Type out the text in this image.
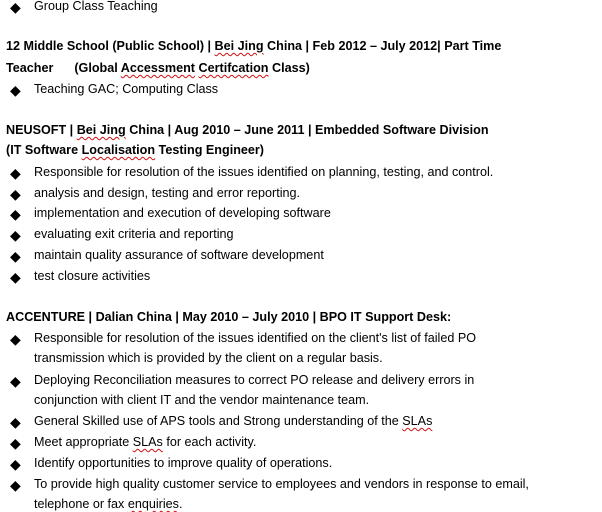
◆ Group Class Teaching
12 Middle School (Public School) | Bei Jing China | Feb 2012 – July 2012| Part Time
Teacher      (Global Accessment Certifcation Class)
◆ Teaching GAC; Computing Class
NEUSOFT | Bei Jing China | Aug 2010 – June 2011 | Embedded Software Division
(IT Software Localisation Testing Engineer)
◆ Responsible for resolution of the issues identified on planning, testing, and control.
◆ analysis and design, testing and error reporting.
◆ implementation and execution of developing software
◆ evaluating exit criteria and reporting
◆ maintain quality assurance of software development
◆ test closure activities
ACCENTURE | Dalian China | May 2010 – July 2010 | BPO IT Support Desk:
◆ Responsible for resolution of the issues identified on the client's list of failed PO
transmission which is provided by the client on a regular basis.
◆ Deploying Reconciliation measures to correct PO release and delivery errors in
conjunction with client IT and the vendor maintenance team.
◆ General Skilled use of APS tools and Strong understanding of the SLAs
◆ Meet appropriate SLAs for each activity.
◆ Identify opportunities to improve quality of operations.
◆ To provide high quality customer service to employees and vendors in response to email,
telephone or fax enquiries.
